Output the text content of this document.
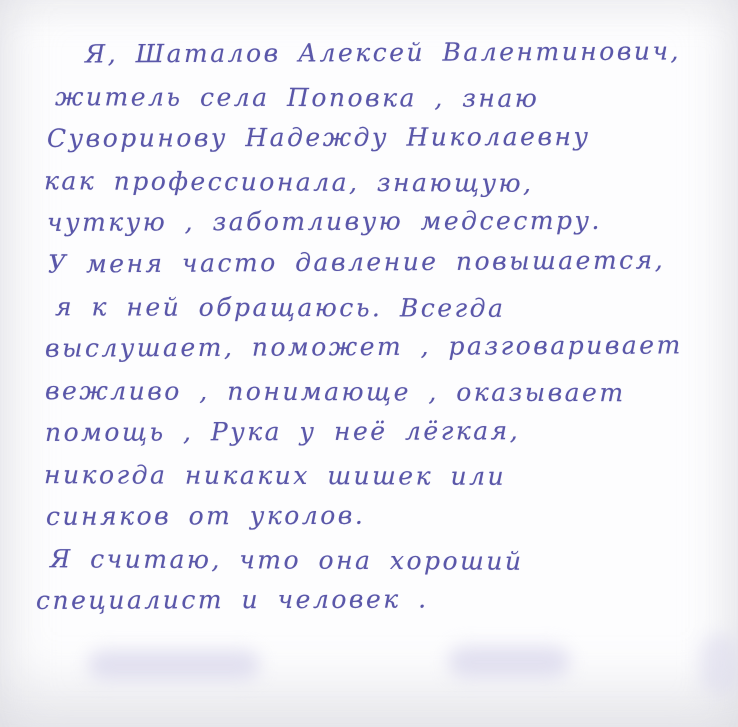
Я, Шаталов Алексей Валентинович,
житель села Поповка , знаю
Суворинову Надежду Николаевну
как профессионала, знающую,
чуткую , заботливую медсестру.
У меня часто давление повышается,
я к ней обращаюсь. Всегда
выслушает, поможет , разговаривает
вежливо , понимающе , оказывает
помощь , Рука у неё лёгкая,
никогда никаких шишек или
синяков от уколов.
Я считаю, что она хороший
специалист и человек .
